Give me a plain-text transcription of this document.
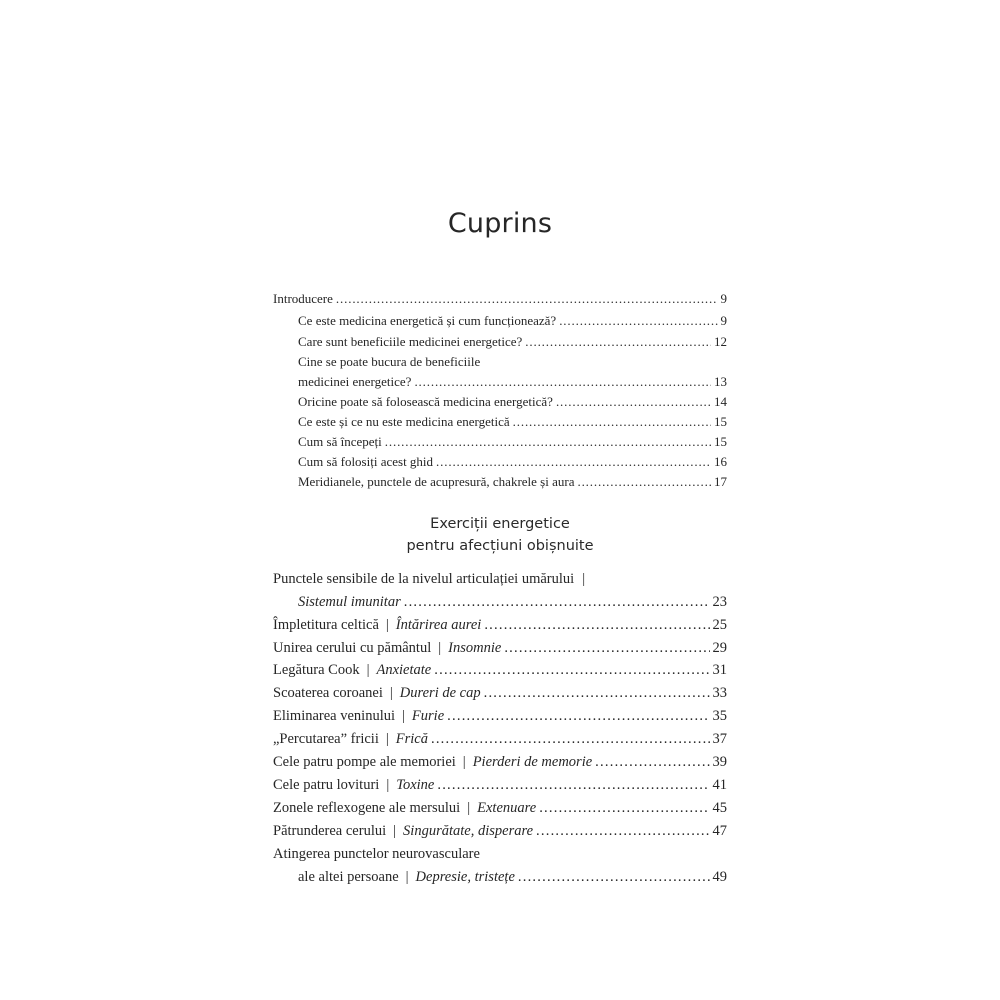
Cuprins
Introducere . . .	9
Ce este medicina energetică și cum funcționează? . . .	9
Care sunt beneficiile medicinei energetice? . . .	12
Cine se poate bucura de beneficiile
medicinei energetice? . . .	13
Oricine poate să folosească medicina energetică? . . .	14
Ce este și ce nu este medicina energetică . . .	15
Cum să începeți . . .	15
Cum să folosiți acest ghid . . .	16
Meridianele, punctele de acupresură, chakrele și aura . . .	17
Exerciții energetice
pentru afecțiuni obișnuite
Punctele sensibile de la nivelul articulației umărului |
Sistemul imunitar . . .	23
Împletitura celtică | Întărirea aurei . . .	25
Unirea cerului cu pământul | Insomnie . . .	29
Legătura Cook | Anxietate . . .	31
Scoaterea coroanei | Dureri de cap . . .	33
Eliminarea veninului | Furie . . .	35
„Percutarea” fricii | Frică . . .	37
Cele patru pompe ale memoriei | Pierderi de memorie . . .	39
Cele patru lovituri | Toxine . . .	41
Zonele reflexogene ale mersului | Extenuare . . .	45
Pătrunderea cerului | Singurătate, disperare . . .	47
Atingerea punctelor neurovasculare
ale altei persoane | Depresie, tristețe . . .	49
